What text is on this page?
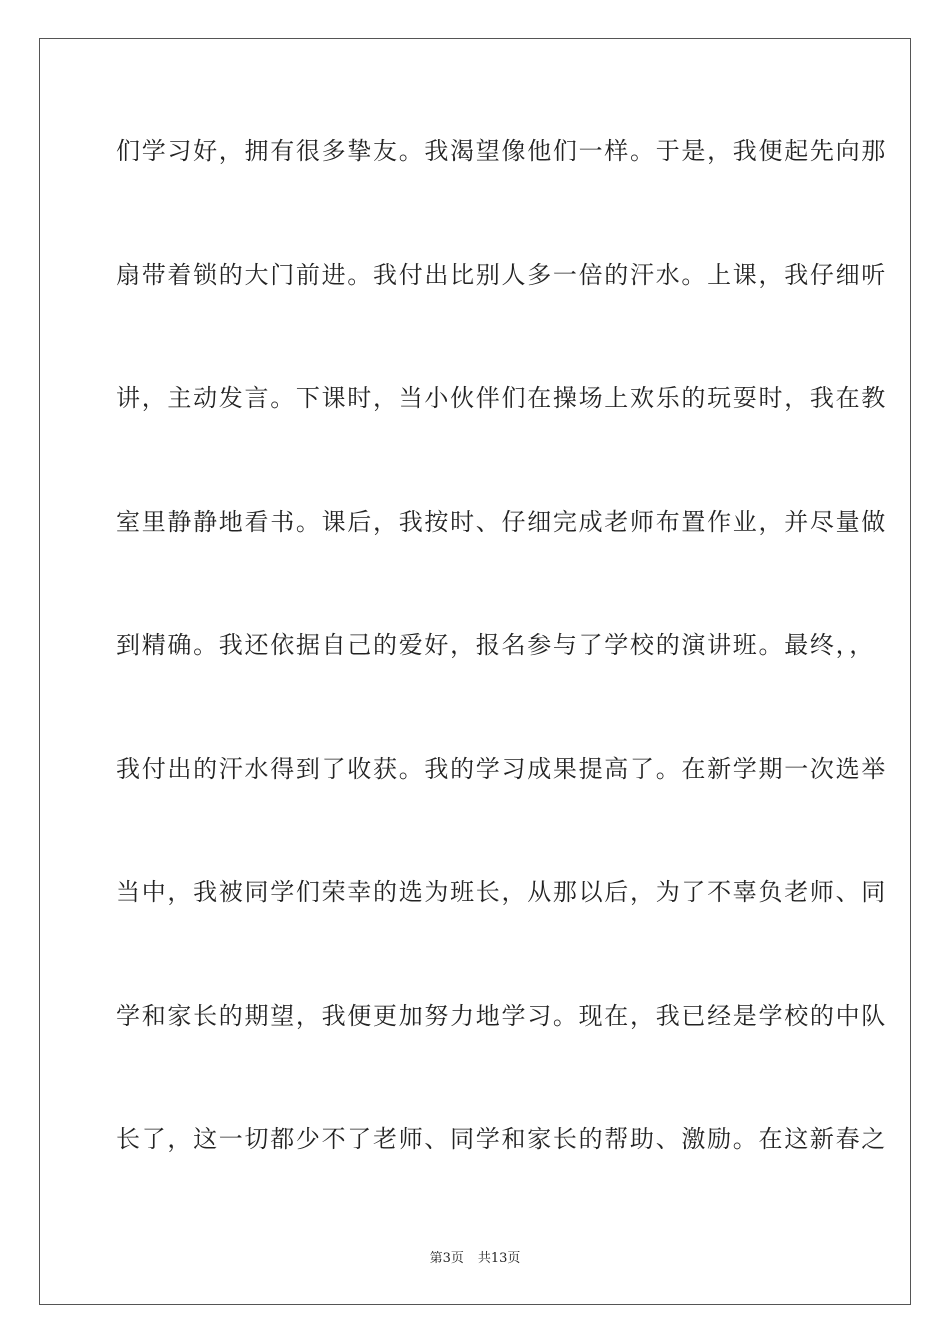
们学习好，拥有很多挚友。我渴望像他们一样。于是，我便起先向那
扇带着锁的大门前进。我付出比别人多一倍的汗水。上课，我仔细听
讲，主动发言。下课时，当小伙伴们在操场上欢乐的玩耍时，我在教
室里静静地看书。课后，我按时、仔细完成老师布置作业，并尽量做
到精确。我还依据自己的爱好，报名参与了学校的演讲班。最终，，
我付出的汗水得到了收获。我的学习成果提高了。在新学期一次选举
当中，我被同学们荣幸的选为班长，从那以后，为了不辜负老师、同
学和家长的期望，我便更加努力地学习。现在，我已经是学校的中队
长了，这一切都少不了老师、同学和家长的帮助、激励。在这新春之
第3页 共13页
